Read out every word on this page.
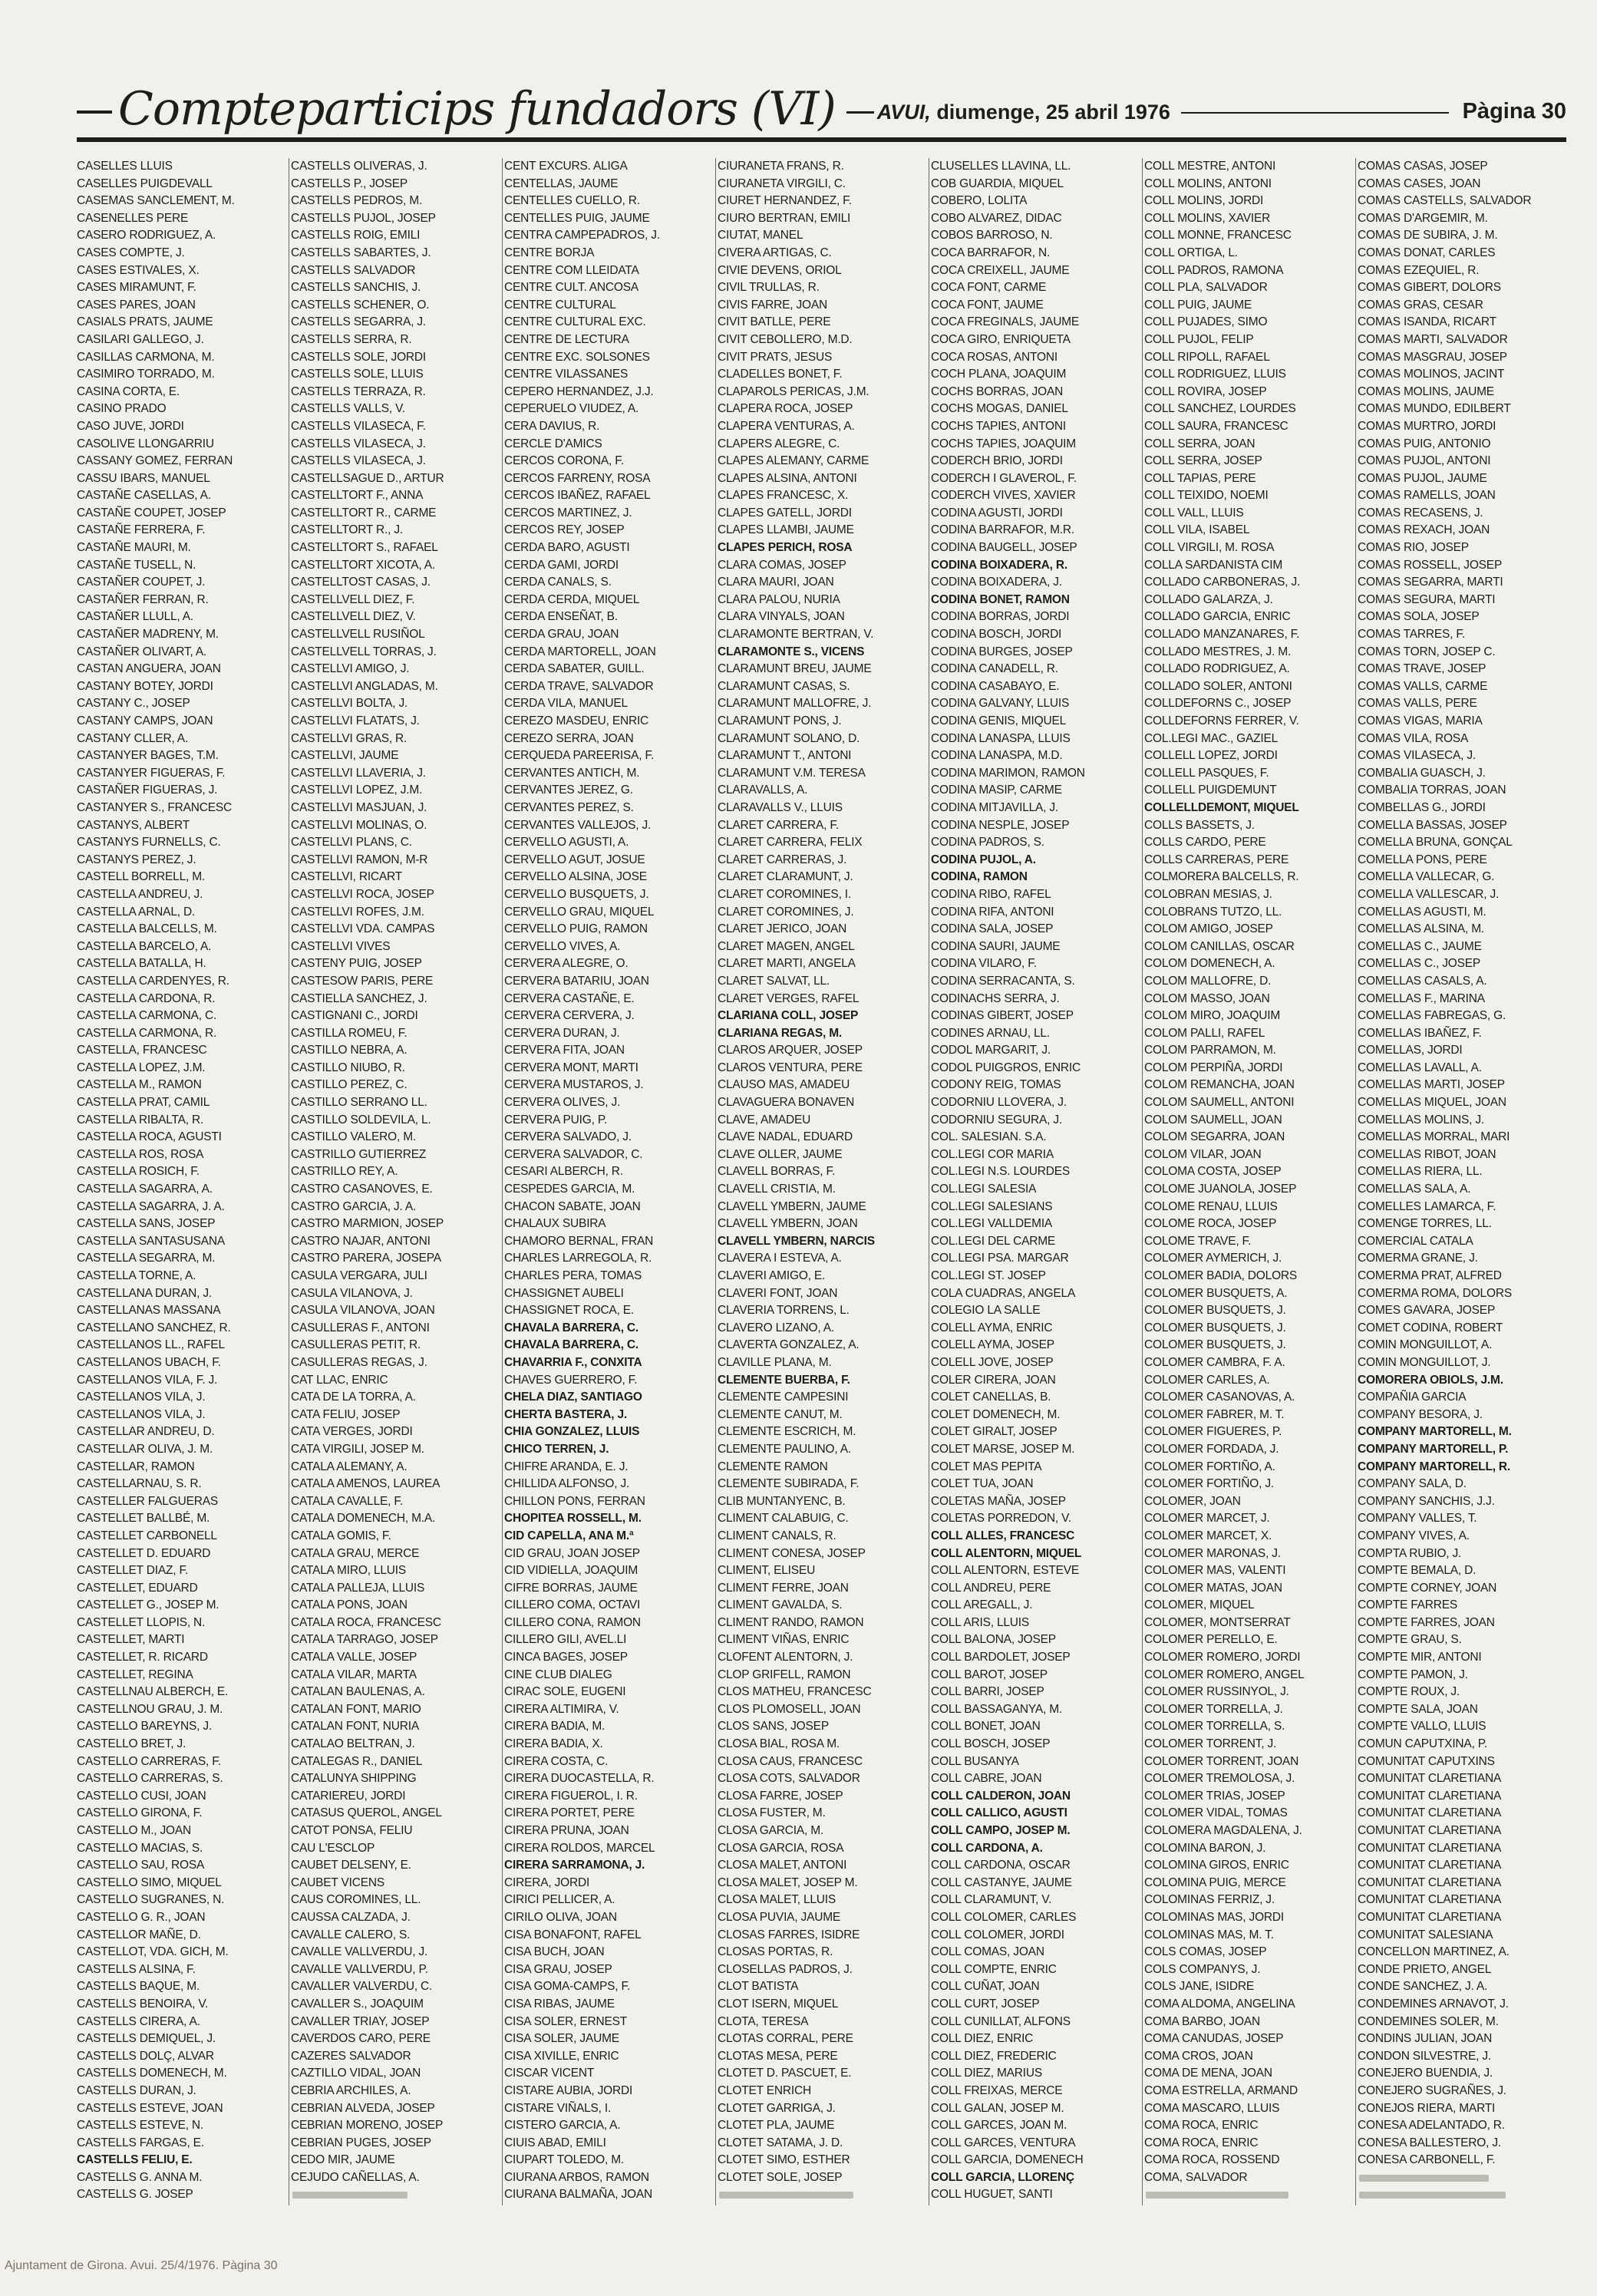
Compteparticips fundadors (VI) AVUI, diumenge, 25 abril 1976	Pàgina 30
CASELLES LLUIS
CASELLES PUIGDEVALL
CASEMAS SANCLEMENT, M.
CASENELLES PERE
CASERO RODRIGUEZ, A.
CASES COMPTE, J.
CASES ESTIVALES, X.
CASES MIRAMUNT, F.
CASES PARES, JOAN
CASIALS PRATS, JAUME
CASILARI GALLEGO, J.
CASILLAS CARMONA, M.
CASIMIRO TORRADO, M.
CASINA CORTA, E.
CASINO PRADO
CASO JUVE, JORDI
CASOLIVE LLONGARRIU
CASSANY GOMEZ, FERRAN
CASSU IBARS, MANUEL
CASTAÑE CASELLAS, A.
CASTAÑE COUPET, JOSEP
CASTAÑE FERRERA, F.
CASTAÑE MAURI, M.
CASTAÑE TUSELL, N.
CASTAÑER COUPET, J.
CASTAÑER FERRAN, R.
CASTAÑER LLULL, A.
CASTAÑER MADRENY, M.
CASTAÑER OLIVART, A.
CASTAN ANGUERA, JOAN
CASTANY BOTEY, JORDI
CASTANY C., JOSEP
CASTANY CAMPS, JOAN
CASTANY CLLER, A.
CASTANYER BAGES, T.M.
CASTANYER FIGUERAS, F.
CASTAÑER FIGUERAS, J.
CASTANYER S., FRANCESC
CASTANYS, ALBERT
CASTANYS FURNELLS, C.
CASTANYS PEREZ, J.
CASTELL BORRELL, M.
CASTELLA ANDREU, J.
CASTELLA ARNAL, D.
CASTELLA BALCELLS, M.
CASTELLA BARCELO, A.
CASTELLA BATALLA, H.
CASTELLA CARDENYES, R.
CASTELLA CARDONA, R.
CASTELLA CARMONA, C.
CASTELLA CARMONA, R.
CASTELLA, FRANCESC
CASTELLA LOPEZ, J.M.
CASTELLA M., RAMON
CASTELLA PRAT, CAMIL
CASTELLA RIBALTA, R.
CASTELLA ROCA, AGUSTI
CASTELLA ROS, ROSA
CASTELLA ROSICH, F.
CASTELLA SAGARRA, A.
CASTELLA SAGARRA, J. A.
CASTELLA SANS, JOSEP
CASTELLA SANTASUSANA
CASTELLA SEGARRA, M.
CASTELLA TORNE, A.
CASTELLANA DURAN, J.
CASTELLANAS MASSANA
CASTELLANO SANCHEZ, R.
CASTELLANOS LL., RAFEL
CASTELLANOS UBACH, F.
CASTELLANOS VILA, F. J.
CASTELLANOS VILA, J.
CASTELLANOS VILA, J.
CASTELLAR ANDREU, D.
CASTELLAR OLIVA, J. M.
CASTELLAR, RAMON
CASTELLARNAU, S. R.
CASTELLER FALGUERAS
CASTELLET BALLBÉ, M.
CASTELLET CARBONELL
CASTELLET D. EDUARD
CASTELLET DIAZ, F.
CASTELLET, EDUARD
CASTELLET G., JOSEP M.
CASTELLET LLOPIS, N.
CASTELLET, MARTI
CASTELLET, R. RICARD
CASTELLET, REGINA
CASTELLNAU ALBERCH, E.
CASTELLNOU GRAU, J. M.
CASTELLO BAREYNS, J.
CASTELLO BRET, J.
CASTELLO CARRERAS, F.
CASTELLO CARRERAS, S.
CASTELLO CUSI, JOAN
CASTELLO GIRONA, F.
CASTELLO M., JOAN
CASTELLO MACIAS, S.
CASTELLO SAU, ROSA
CASTELLO SIMO, MIQUEL
CASTELLO SUGRANES, N.
CASTELLO G. R., JOAN
CASTELLOR MAÑE, D.
CASTELLOT, VDA. GICH, M.
CASTELLS ALSINA, F.
CASTELLS BAQUE, M.
CASTELLS BENOIRA, V.
CASTELLS CIRERA, A.
CASTELLS DEMIQUEL, J.
CASTELLS DOLÇ, ALVAR
CASTELLS DOMENECH, M.
CASTELLS DURAN, J.
CASTELLS ESTEVE, JOAN
CASTELLS ESTEVE, N.
CASTELLS FARGAS, E.
CASTELLS FELIU, E.
CASTELLS G. ANNA M.
CASTELLS G. JOSEP
CASTELLS OLIVERAS, J.
CASTELLS P., JOSEP
CASTELLS PEDROS, M.
CASTELLS PUJOL, JOSEP
CASTELLS ROIG, EMILI
CASTELLS SABARTES, J.
CASTELLS SALVADOR
CASTELLS SANCHIS, J.
CASTELLS SCHENER, O.
CASTELLS SEGARRA, J.
CASTELLS SERRA, R.
CASTELLS SOLE, JORDI
CASTELLS SOLE, LLUIS
CASTELLS TERRAZA, R.
CASTELLS VALLS, V.
CASTELLS VILASECA, F.
CASTELLS VILASECA, J.
CASTELLS VILASECA, J.
CASTELLSAGUE D., ARTUR
CASTELLTORT F., ANNA
CASTELLTORT R., CARME
CASTELLTORT R., J.
CASTELLTORT S., RAFAEL
CASTELLTORT XICOTA, A.
CASTELLTOST CASAS, J.
CASTELLVELL DIEZ, F.
CASTELLVELL DIEZ, V.
CASTELLVELL RUSIÑOL
CASTELLVELL TORRAS, J.
CASTELLVI AMIGO, J.
CASTELLVI ANGLADAS, M.
CASTELLVI BOLTA, J.
CASTELLVI FLATATS, J.
CASTELLVI GRAS, R.
CASTELLVI, JAUME
CASTELLVI LLAVERIA, J.
CASTELLVI LOPEZ, J.M.
CASTELLVI MASJUAN, J.
CASTELLVI MOLINAS, O.
CASTELLVI PLANS, C.
CASTELLVI RAMON, M-R
CASTELLVI, RICART
CASTELLVI ROCA, JOSEP
CASTELLVI ROFES, J.M.
CASTELLVI VDA. CAMPAS
CASTELLVI VIVES
CASTENY PUIG, JOSEP
CASTESOW PARIS, PERE
CASTIELLA SANCHEZ, J.
CASTIGNANI C., JORDI
CASTILLA ROMEU, F.
CASTILLO NEBRA, A.
CASTILLO NIUBO, R.
CASTILLO PEREZ, C.
CASTILLO SERRANO LL.
CASTILLO SOLDEVILA, L.
CASTILLO VALERO, M.
CASTRILLO GUTIERREZ
CASTRILLO REY, A.
CASTRO CASANOVES, E.
CASTRO GARCIA, J. A.
CASTRO MARMION, JOSEP
CASTRO NAJAR, ANTONI
CASTRO PARERA, JOSEPA
CASULA VERGARA, JULI
CASULA VILANOVA, J.
CASULA VILANOVA, JOAN
CASULLERAS F., ANTONI
CASULLERAS PETIT, R.
CASULLERAS REGAS, J.
CAT LLAC, ENRIC
CATA DE LA TORRA, A.
CATA FELIU, JOSEP
CATA VERGES, JORDI
CATA VIRGILI, JOSEP M.
CATALA ALEMANY, A.
CATALA AMENOS, LAUREA
CATALA CAVALLE, F.
CATALA DOMENECH, M.A.
CATALA GOMIS, F.
CATALA GRAU, MERCE
CATALA MIRO, LLUIS
CATALA PALLEJA, LLUIS
CATALA PONS, JOAN
CATALA ROCA, FRANCESC
CATALA TARRAGO, JOSEP
CATALA VALLE, JOSEP
CATALA VILAR, MARTA
CATALAN BAULENAS, A.
CATALAN FONT, MARIO
CATALAN FONT, NURIA
CATALAO BELTRAN, J.
CATALEGAS R., DANIEL
CATALUNYA SHIPPING
CATARIEREU, JORDI
CATASUS QUEROL, ANGEL
CATOT PONSA, FELIU
CAU L'ESCLOP
CAUBET DELSENY, E.
CAUBET VICENS
CAUS COROMINES, LL.
CAUSSA CALZADA, J.
CAVALLE CALERO, S.
CAVALLE VALLVERDU, J.
CAVALLE VALLVERDU, P.
CAVALLER VALVERDU, C.
CAVALLER S., JOAQUIM
CAVALLER TRIAY, JOSEP
CAVERDOS CARO, PERE
CAZERES SALVADOR
CAZTILLO VIDAL, JOAN
CEBRIA ARCHILES, A.
CEBRIAN ALVEDA, JOSEP
CEBRIAN MORENO, JOSEP
CEBRIAN PUGES, JOSEP
CEDO MIR, JAUME
CEJUDO CAÑELLAS, A.
CENT EXCURS. ALIGA
CENTELLAS, JAUME
CENTELLES CUELLO, R.
CENTELLES PUIG, JAUME
CENTRA CAMPEPADROS, J.
CENTRE BORJA
CENTRE COM LLEIDATA
CENTRE CULT. ANCOSA
CENTRE CULTURAL
CENTRE CULTURAL EXC.
CENTRE DE LECTURA
CENTRE EXC. SOLSONES
CENTRE VILASSANES
CEPERO HERNANDEZ, J.J.
CEPERUELO VIUDEZ, A.
CERA DAVIUS, R.
CERCLE D'AMICS
CERCOS CORONA, F.
CERCOS FARRENY, ROSA
CERCOS IBAÑEZ, RAFAEL
CERCOS MARTINEZ, J.
CERCOS REY, JOSEP
CERDA BARO, AGUSTI
CERDA GAMI, JORDI
CERDA CANALS, S.
CERDA CERDA, MIQUEL
CERDA ENSEÑAT, B.
CERDA GRAU, JOAN
CERDA MARTORELL, JOAN
CERDA SABATER, GUILL.
CERDA TRAVE, SALVADOR
CERDA VILA, MANUEL
CEREZO MASDEU, ENRIC
CEREZO SERRA, JOAN
CERQUEDA PAREERISA, F.
CERVANTES ANTICH, M.
CERVANTES JEREZ, G.
CERVANTES PEREZ, S.
CERVANTES VALLEJOS, J.
CERVELLO AGUSTI, A.
CERVELLO AGUT, JOSUE
CERVELLO ALSINA, JOSE
CERVELLO BUSQUETS, J.
CERVELLO GRAU, MIQUEL
CERVELLO PUIG, RAMON
CERVELLO VIVES, A.
CERVERA ALEGRE, O.
CERVERA BATARIU, JOAN
CERVERA CASTAÑE, E.
CERVERA CERVERA, J.
CERVERA DURAN, J.
CERVERA FITA, JOAN
CERVERA MONT, MARTI
CERVERA MUSTAROS, J.
CERVERA OLIVES, J.
CERVERA PUIG, P.
CERVERA SALVADO, J.
CERVERA SALVADOR, C.
CESARI ALBERCH, R.
CESPEDES GARCIA, M.
CHACON SABATE, JOAN
CHALAUX SUBIRA
CHAMORO BERNAL, FRAN
CHARLES LARREGOLA, R.
CHARLES PERA, TOMAS
CHASSIGNET AUBELI
CHASSIGNET ROCA, E.
CHAVALA BARRERA, C.
CHAVALA BARRERA, C.
CHAVARRIA F., CONXITA
CHAVES GUERRERO, F.
CHELA DIAZ, SANTIAGO
CHERTA BASTERA, J.
CHIA GONZALEZ, LLUIS
CHICO TERREN, J.
CHIFRE ARANDA, E. J.
CHILLIDA ALFONSO, J.
CHILLON PONS, FERRAN
CHOPITEA ROSSELL, M.
CID CAPELLA, ANA M.ª
CID GRAU, JOAN JOSEP
CID VIDIELLA, JOAQUIM
CIFRE BORRAS, JAUME
CILLERO COMA, OCTAVI
CILLERO CONA, RAMON
CILLERO GILI, AVEL.LI
CINCA BAGES, JOSEP
CINE CLUB DIALEG
CIRAC SOLE, EUGENI
CIRERA ALTIMIRA, V.
CIRERA BADIA, M.
CIRERA BADIA, X.
CIRERA COSTA, C.
CIRERA DUOCASTELLA, R.
CIRERA FIGUEROL, I. R.
CIRERA PORTET, PERE
CIRERA PRUNA, JOAN
CIRERA ROLDOS, MARCEL
CIRERA SARRAMONA, J.
CIRERA, JORDI
CIRICI PELLICER, A.
CIRILO OLIVA, JOAN
CISA BONAFONT, RAFEL
CISA BUCH, JOAN
CISA GRAU, JOSEP
CISA GOMA-CAMPS, F.
CISA RIBAS, JAUME
CISA SOLER, ERNEST
CISA SOLER, JAUME
CISA XIVILLE, ENRIC
CISCAR VICENT
CISTARE AUBIA, JORDI
CISTARE VIÑALS, I.
CISTERO GARCIA, A.
CIUIS ABAD, EMILI
CIUPART TOLEDO, M.
CIURANA ARBOS, RAMON
CIURANA BALMAÑA, JOAN
CIURANETA FRANS, R.
CIURANETA VIRGILI, C.
CIURET HERNANDEZ, F.
CIURO BERTRAN, EMILI
CIUTAT, MANEL
CIVERA ARTIGAS, C.
CIVIE DEVENS, ORIOL
CIVIL TRULLAS, R.
CIVIS FARRE, JOAN
CIVIT BATLLE, PERE
CIVIT CEBOLLERO, M.D.
CIVIT PRATS, JESUS
CLADELLES BONET, F.
CLAPAROLS PERICAS, J.M.
CLAPERA ROCA, JOSEP
CLAPERA VENTURAS, A.
CLAPERS ALEGRE, C.
CLAPES ALEMANY, CARME
CLAPES ALSINA, ANTONI
CLAPES FRANCESC, X.
CLAPES GATELL, JORDI
CLAPES LLAMBI, JAUME
CLAPES PERICH, ROSA
CLARA COMAS, JOSEP
CLARA MAURI, JOAN
CLARA PALOU, NURIA
CLARA VINYALS, JOAN
CLARAMONTE BERTRAN, V.
CLARAMONTE S., VICENS
CLARAMUNT BREU, JAUME
CLARAMUNT CASAS, S.
CLARAMUNT MALLOFRE, J.
CLARAMUNT PONS, J.
CLARAMUNT SOLANO, D.
CLARAMUNT T., ANTONI
CLARAMUNT V.M. TERESA
CLARAVALLS, A.
CLARAVALLS V., LLUIS
CLARET CARRERA, F.
CLARET CARRERA, FELIX
CLARET CARRERAS, J.
CLARET CLARAMUNT, J.
CLARET COROMINES, I.
CLARET COROMINES, J.
CLARET JERICO, JOAN
CLARET MAGEN, ANGEL
CLARET MARTI, ANGELA
CLARET SALVAT, LL.
CLARET VERGES, RAFEL
CLARIANA COLL, JOSEP
CLARIANA REGAS, M.
CLAROS ARQUER, JOSEP
CLAROS VENTURA, PERE
CLAUSO MAS, AMADEU
CLAVAGUERA BONAVEN
CLAVE, AMADEU
CLAVE NADAL, EDUARD
CLAVE OLLER, JAUME
CLAVELL BORRAS, F.
CLAVELL CRISTIA, M.
CLAVELL YMBERN, JAUME
CLAVELL YMBERN, JOAN
CLAVELL YMBERN, NARCIS
CLAVERA I ESTEVA, A.
CLAVERI AMIGO, E.
CLAVERI FONT, JOAN
CLAVERIA TORRENS, L.
CLAVERO LIZANO, A.
CLAVERTA GONZALEZ, A.
CLAVILLE PLANA, M.
CLEMENTE BUERBA, F.
CLEMENTE CAMPESINI
CLEMENTE CANUT, M.
CLEMENTE ESCRICH, M.
CLEMENTE PAULINO, A.
CLEMENTE RAMON
CLEMENTE SUBIRADA, F.
CLIB MUNTANYENC, B.
CLIMENT CALABUIG, C.
CLIMENT CANALS, R.
CLIMENT CONESA, JOSEP
CLIMENT, ELISEU
CLIMENT FERRE, JOAN
CLIMENT GAVALDA, S.
CLIMENT RANDO, RAMON
CLIMENT VIÑAS, ENRIC
CLOFENT ALENTORN, J.
CLOP GRIFELL, RAMON
CLOS MATHEU, FRANCESC
CLOS PLOMOSELL, JOAN
CLOS SANS, JOSEP
CLOSA BIAL, ROSA M.
CLOSA CAUS, FRANCESC
CLOSA COTS, SALVADOR
CLOSA FARRE, JOSEP
CLOSA FUSTER, M.
CLOSA GARCIA, M.
CLOSA GARCIA, ROSA
CLOSA MALET, ANTONI
CLOSA MALET, JOSEP M.
CLOSA MALET, LLUIS
CLOSA PUVIA, JAUME
CLOSAS FARRES, ISIDRE
CLOSAS PORTAS, R.
CLOSELLAS PADROS, J.
CLOT BATISTA
CLOT ISERN, MIQUEL
CLOTA, TERESA
CLOTAS CORRAL, PERE
CLOTAS MESA, PERE
CLOTET D. PASCUET, E.
CLOTET ENRICH
CLOTET GARRIGA, J.
CLOTET PLA, JAUME
CLOTET SATAMA, J. D.
CLOTET SIMO, ESTHER
CLOTET SOLE, JOSEP
CLUSELLES LLAVINA, LL.
COB GUARDIA, MIQUEL
COBERO, LOLITA
COBO ALVAREZ, DIDAC
COBOS BARROSO, N.
COCA BARRAFOR, N.
COCA CREIXELL, JAUME
COCA FONT, CARME
COCA FONT, JAUME
COCA FREGINALS, JAUME
COCA GIRO, ENRIQUETA
COCA ROSAS, ANTONI
COCH PLANA, JOAQUIM
COCHS BORRAS, JOAN
COCHS MOGAS, DANIEL
COCHS TAPIES, ANTONI
COCHS TAPIES, JOAQUIM
CODERCH BRIO, JORDI
CODERCH I GLAVEROL, F.
CODERCH VIVES, XAVIER
CODINA AGUSTI, JORDI
CODINA BARRAFOR, M.R.
CODINA BAUGELL, JOSEP
CODINA BOIXADERA, R.
CODINA BOIXADERA, J.
CODINA BONET, RAMON
CODINA BORRAS, JORDI
CODINA BOSCH, JORDI
CODINA BURGES, JOSEP
CODINA CANADELL, R.
CODINA CASABAYO, E.
CODINA GALVANY, LLUIS
CODINA GENIS, MIQUEL
CODINA LANASPA, LLUIS
CODINA LANASPA, M.D.
CODINA MARIMON, RAMON
CODINA MASIP, CARME
CODINA MITJAVILLA, J.
CODINA NESPLE, JOSEP
CODINA PADROS, S.
CODINA PUJOL, A.
CODINA, RAMON
CODINA RIBO, RAFEL
CODINA RIFA, ANTONI
CODINA SALA, JOSEP
CODINA SAURI, JAUME
CODINA VILARO, F.
CODINA SERRACANTA, S.
CODINACHS SERRA, J.
CODINAS GIBERT, JOSEP
CODINES ARNAU, LL.
CODOL MARGARIT, J.
CODOL PUIGGROS, ENRIC
CODONY REIG, TOMAS
CODORNIU LLOVERA, J.
CODORNIU SEGURA, J.
COL. SALESIAN. S.A.
COL.LEGI COR MARIA
COL.LEGI N.S. LOURDES
COL.LEGI SALESIA
COL.LEGI SALESIANS
COL.LEGI VALLDEMIA
COL.LEGI DEL CARME
COL.LEGI PSA. MARGAR
COL.LEGI ST. JOSEP
COLA CUADRAS, ANGELA
COLEGIO LA SALLE
COLELL AYMA, ENRIC
COLELL AYMA, JOSEP
COLELL JOVE, JOSEP
COLER CIRERA, JOAN
COLET CANELLAS, B.
COLET DOMENECH, M.
COLET GIRALT, JOSEP
COLET MARSE, JOSEP M.
COLET MAS PEPITA
COLET TUA, JOAN
COLETAS MAÑA, JOSEP
COLETAS PORREDON, V.
COLL ALLES, FRANCESC
COLL ALENTORN, MIQUEL
COLL ALENTORN, ESTEVE
COLL ANDREU, PERE
COLL AREGALL, J.
COLL ARIS, LLUIS
COLL BALONA, JOSEP
COLL BARDOLET, JOSEP
COLL BAROT, JOSEP
COLL BARRI, JOSEP
COLL BASSAGANYA, M.
COLL BONET, JOAN
COLL BOSCH, JOSEP
COLL BUSANYA
COLL CABRE, JOAN
COLL CALDERON, JOAN
COLL CALLICO, AGUSTI
COLL CAMPO, JOSEP M.
COLL CARDONA, A.
COLL CARDONA, OSCAR
COLL CASTANYE, JAUME
COLL CLARAMUNT, V.
COLL COLOMER, CARLES
COLL COLOMER, JORDI
COLL COMAS, JOAN
COLL COMPTE, ENRIC
COLL CUÑAT, JOAN
COLL CURT, JOSEP
COLL CUNILLAT, ALFONS
COLL DIEZ, ENRIC
COLL DIEZ, FREDERIC
COLL DIEZ, MARIUS
COLL FREIXAS, MERCE
COLL GALAN, JOSEP M.
COLL GARCES, JOAN M.
COLL GARCES, VENTURA
COLL GARCIA, DOMENECH
COLL GARCIA, LLORENÇ
COLL HUGUET, SANTI
COLL MESTRE, ANTONI
COLL MOLINS, ANTONI
COLL MOLINS, JORDI
COLL MOLINS, XAVIER
COLL MONNE, FRANCESC
COLL ORTIGA, L.
COLL PADROS, RAMONA
COLL PLA, SALVADOR
COLL PUIG, JAUME
COLL PUJADES, SIMO
COLL PUJOL, FELIP
COLL RIPOLL, RAFAEL
COLL RODRIGUEZ, LLUIS
COLL ROVIRA, JOSEP
COLL SANCHEZ, LOURDES
COLL SAURA, FRANCESC
COLL SERRA, JOAN
COLL SERRA, JOSEP
COLL TAPIAS, PERE
COLL TEIXIDO, NOEMI
COLL VALL, LLUIS
COLL VILA, ISABEL
COLL VIRGILI, M. ROSA
COLLA SARDANISTA CIM
COLLADO CARBONERAS, J.
COLLADO GALARZA, J.
COLLADO GARCIA, ENRIC
COLLADO MANZANARES, F.
COLLADO MESTRES, J. M.
COLLADO RODRIGUEZ, A.
COLLADO SOLER, ANTONI
COLLDEFORNS C., JOSEP
COLLDEFORNS FERRER, V.
COL.LEGI MAC., GAZIEL
COLLELL LOPEZ, JORDI
COLLELL PASQUES, F.
COLLELL PUIGDEMUNT
COLLELLDEMONT, MIQUEL
COLLS BASSETS, J.
COLLS CARDO, PERE
COLLS CARRERAS, PERE
COLMORERA BALCELLS, R.
COLOBRAN MESIAS, J.
COLOBRANS TUTZO, LL.
COLOM AMIGO, JOSEP
COLOM CANILLAS, OSCAR
COLOM DOMENECH, A.
COLOM MALLOFRE, D.
COLOM MASSO, JOAN
COLOM MIRO, JOAQUIM
COLOM PALLI, RAFEL
COLOM PARRAMON, M.
COLOM PERPIÑA, JORDI
COLOM REMANCHA, JOAN
COLOM SAUMELL, ANTONI
COLOM SAUMELL, JOAN
COLOM SEGARRA, JOAN
COLOM VILAR, JOAN
COLOMA COSTA, JOSEP
COLOME JUANOLA, JOSEP
COLOME RENAU, LLUIS
COLOME ROCA, JOSEP
COLOME TRAVE, F.
COLOMER AYMERICH, J.
COLOMER BADIA, DOLORS
COLOMER BUSQUETS, A.
COLOMER BUSQUETS, J.
COLOMER BUSQUETS, J.
COLOMER BUSQUETS, J.
COLOMER CAMBRA, F. A.
COLOMER CARLES, A.
COLOMER CASANOVAS, A.
COLOMER FABRER, M. T.
COLOMER FIGUERES, P.
COLOMER FORDADA, J.
COLOMER FORTIÑO, A.
COLOMER FORTIÑO, J.
COLOMER, JOAN
COLOMER MARCET, J.
COLOMER MARCET, X.
COLOMER MARONAS, J.
COLOMER MAS, VALENTI
COLOMER MATAS, JOAN
COLOMER, MIQUEL
COLOMER, MONTSERRAT
COLOMER PERELLO, E.
COLOMER ROMERO, JORDI
COLOMER ROMERO, ANGEL
COLOMER RUSSINYOL, J.
COLOMER TORRELLA, J.
COLOMER TORRELLA, S.
COLOMER TORRENT, J.
COLOMER TORRENT, JOAN
COLOMER TREMOLOSA, J.
COLOMER TRIAS, JOSEP
COLOMER VIDAL, TOMAS
COLOMERA MAGDALENA, J.
COLOMINA BARON, J.
COLOMINA GIROS, ENRIC
COLOMINA PUIG, MERCE
COLOMINAS FERRIZ, J.
COLOMINAS MAS, JORDI
COLOMINAS MAS, M. T.
COLS COMAS, JOSEP
COLS COMPANYS, J.
COLS JANE, ISIDRE
COMA ALDOMA, ANGELINA
COMA BARBO, JOAN
COMA CANUDAS, JOSEP
COMA CROS, JOAN
COMA DE MENA, JOAN
COMA ESTRELLA, ARMAND
COMA MASCARO, LLUIS
COMA ROCA, ENRIC
COMA ROCA, ENRIC
COMA ROCA, ROSSEND
COMA, SALVADOR
COMAS CASAS, JOSEP
COMAS CASES, JOAN
COMAS CASTELLS, SALVADOR
COMAS D'ARGEMIR, M.
COMAS DE SUBIRA, J. M.
COMAS DONAT, CARLES
COMAS EZEQUIEL, R.
COMAS GIBERT, DOLORS
COMAS GRAS, CESAR
COMAS ISANDA, RICART
COMAS MARTI, SALVADOR
COMAS MASGRAU, JOSEP
COMAS MOLINOS, JACINT
COMAS MOLINS, JAUME
COMAS MUNDO, EDILBERT
COMAS MURTRO, JORDI
COMAS PUIG, ANTONIO
COMAS PUJOL, ANTONI
COMAS PUJOL, JAUME
COMAS RAMELLS, JOAN
COMAS RECASENS, J.
COMAS REXACH, JOAN
COMAS RIO, JOSEP
COMAS ROSSELL, JOSEP
COMAS SEGARRA, MARTI
COMAS SEGURA, MARTI
COMAS SOLA, JOSEP
COMAS TARRES, F.
COMAS TORN, JOSEP C.
COMAS TRAVE, JOSEP
COMAS VALLS, CARME
COMAS VALLS, PERE
COMAS VIGAS, MARIA
COMAS VILA, ROSA
COMAS VILASECA, J.
COMBALIA GUASCH, J.
COMBALIA TORRAS, JOAN
COMBELLAS G., JORDI
COMELLA BASSAS, JOSEP
COMELLA BRUNA, GONÇAL
COMELLA PONS, PERE
COMELLA VALLECAR, G.
COMELLA VALLESCAR, J.
COMELLAS AGUSTI, M.
COMELLAS ALSINA, M.
COMELLAS C., JAUME
COMELLAS C., JOSEP
COMELLAS CASALS, A.
COMELLAS F., MARINA
COMELLAS FABREGAS, G.
COMELLAS IBAÑEZ, F.
COMELLAS, JORDI
COMELLAS LAVALL, A.
COMELLAS MARTI, JOSEP
COMELLAS MIQUEL, JOAN
COMELLAS MOLINS, J.
COMELLAS MORRAL, MARI
COMELLAS RIBOT, JOAN
COMELLAS RIERA, LL.
COMELLAS SALA, A.
COMELLES LAMARCA, F.
COMENGE TORRES, LL.
COMERCIAL CATALA
COMERMA GRANE, J.
COMERMA PRAT, ALFRED
COMERMA ROMA, DOLORS
COMES GAVARA, JOSEP
COMET CODINA, ROBERT
COMIN MONGUILLOT, A.
COMIN MONGUILLOT, J.
COMORERA OBIOLS, J.M.
COMPAÑIA GARCIA
COMPANY BESORA, J.
COMPANY MARTORELL, M.
COMPANY MARTORELL, P.
COMPANY MARTORELL, R.
COMPANY SALA, D.
COMPANY SANCHIS, J.J.
COMPANY VALLES, T.
COMPANY VIVES, A.
COMPTA RUBIO, J.
COMPTE BEMALA, D.
COMPTE CORNEY, JOAN
COMPTE FARRES
COMPTE FARRES, JOAN
COMPTE GRAU, S.
COMPTE MIR, ANTONI
COMPTE PAMON, J.
COMPTE ROUX, J.
COMPTE SALA, JOAN
COMPTE VALLO, LLUIS
COMUN CAPUTXINA, P.
COMUNITAT CAPUTXINS
COMUNITAT CLARETIANA
COMUNITAT CLARETIANA
COMUNITAT CLARETIANA
COMUNITAT CLARETIANA
COMUNITAT CLARETIANA
COMUNITAT CLARETIANA
COMUNITAT CLARETIANA
COMUNITAT CLARETIANA
COMUNITAT CLARETIANA
COMUNITAT SALESIANA
CONCELLON MARTINEZ, A.
CONDE PRIETO, ANGEL
CONDE SANCHEZ, J. A.
CONDEMINES ARNAVOT, J.
CONDEMINES SOLER, M.
CONDINS JULIAN, JOAN
CONDON SILVESTRE, J.
CONEJERO BUENDIA, J.
CONEJERO SUGRAÑES, J.
CONEJOS RIERA, MARTI
CONESA ADELANTADO, R.
CONESA BALLESTERO, J.
CONESA CARBONELL, F.
Ajuntament de Girona. Avui. 25/4/1976. Pàgina 30
